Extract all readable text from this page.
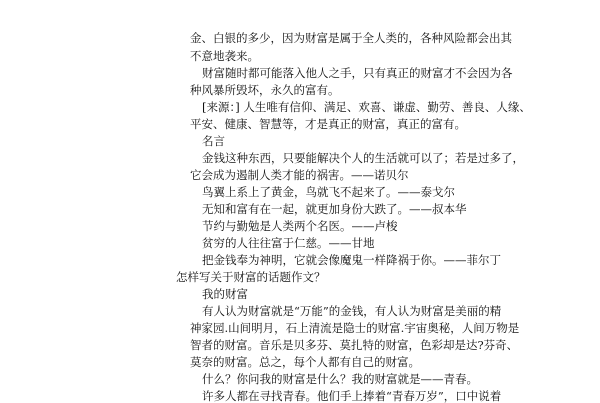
金、白银的多少，因为财富是属于全人类的，各种风险都会出其
不意地袭来。
财富随时都可能落入他人之手，只有真正的财富才不会因为各
种风暴所毁坏，永久的富有。
[来源：] 人生唯有信仰、满足、欢喜、谦虚、勤劳、善良、人缘、
平安、健康、智慧等，才是真正的财富，真正的富有。
名言
金钱这种东西，只要能解决个人的生活就可以了；若是过多了，
它会成为遏制人类才能的祸害。——诺贝尔
鸟翼上系上了黄金，鸟就飞不起来了。——泰戈尔
无知和富有在一起，就更加身份大跌了。——叔本华
节约与勤勉是人类两个名医。——卢梭
贫穷的人往往富于仁慈。——甘地
把金钱奉为神明，它就会像魔鬼一样降祸于你。——菲尔丁
怎样写关于财富的话题作文？
我的财富
有人认为财富就是“万能”的金钱，有人认为财富是美丽的精
神家园.山间明月，石上清流是隐士的财富.宇宙奥秘，人间万物是
智者的财富。音乐是贝多芬、莫扎特的财富，色彩却是达?芬奇、
莫奈的财富。总之，每个人都有自己的财富。
什么？你问我的财富是什么？我的财富就是——青春。
许多人都在寻找青春。他们手上捧着“青春万岁”，口中说着
